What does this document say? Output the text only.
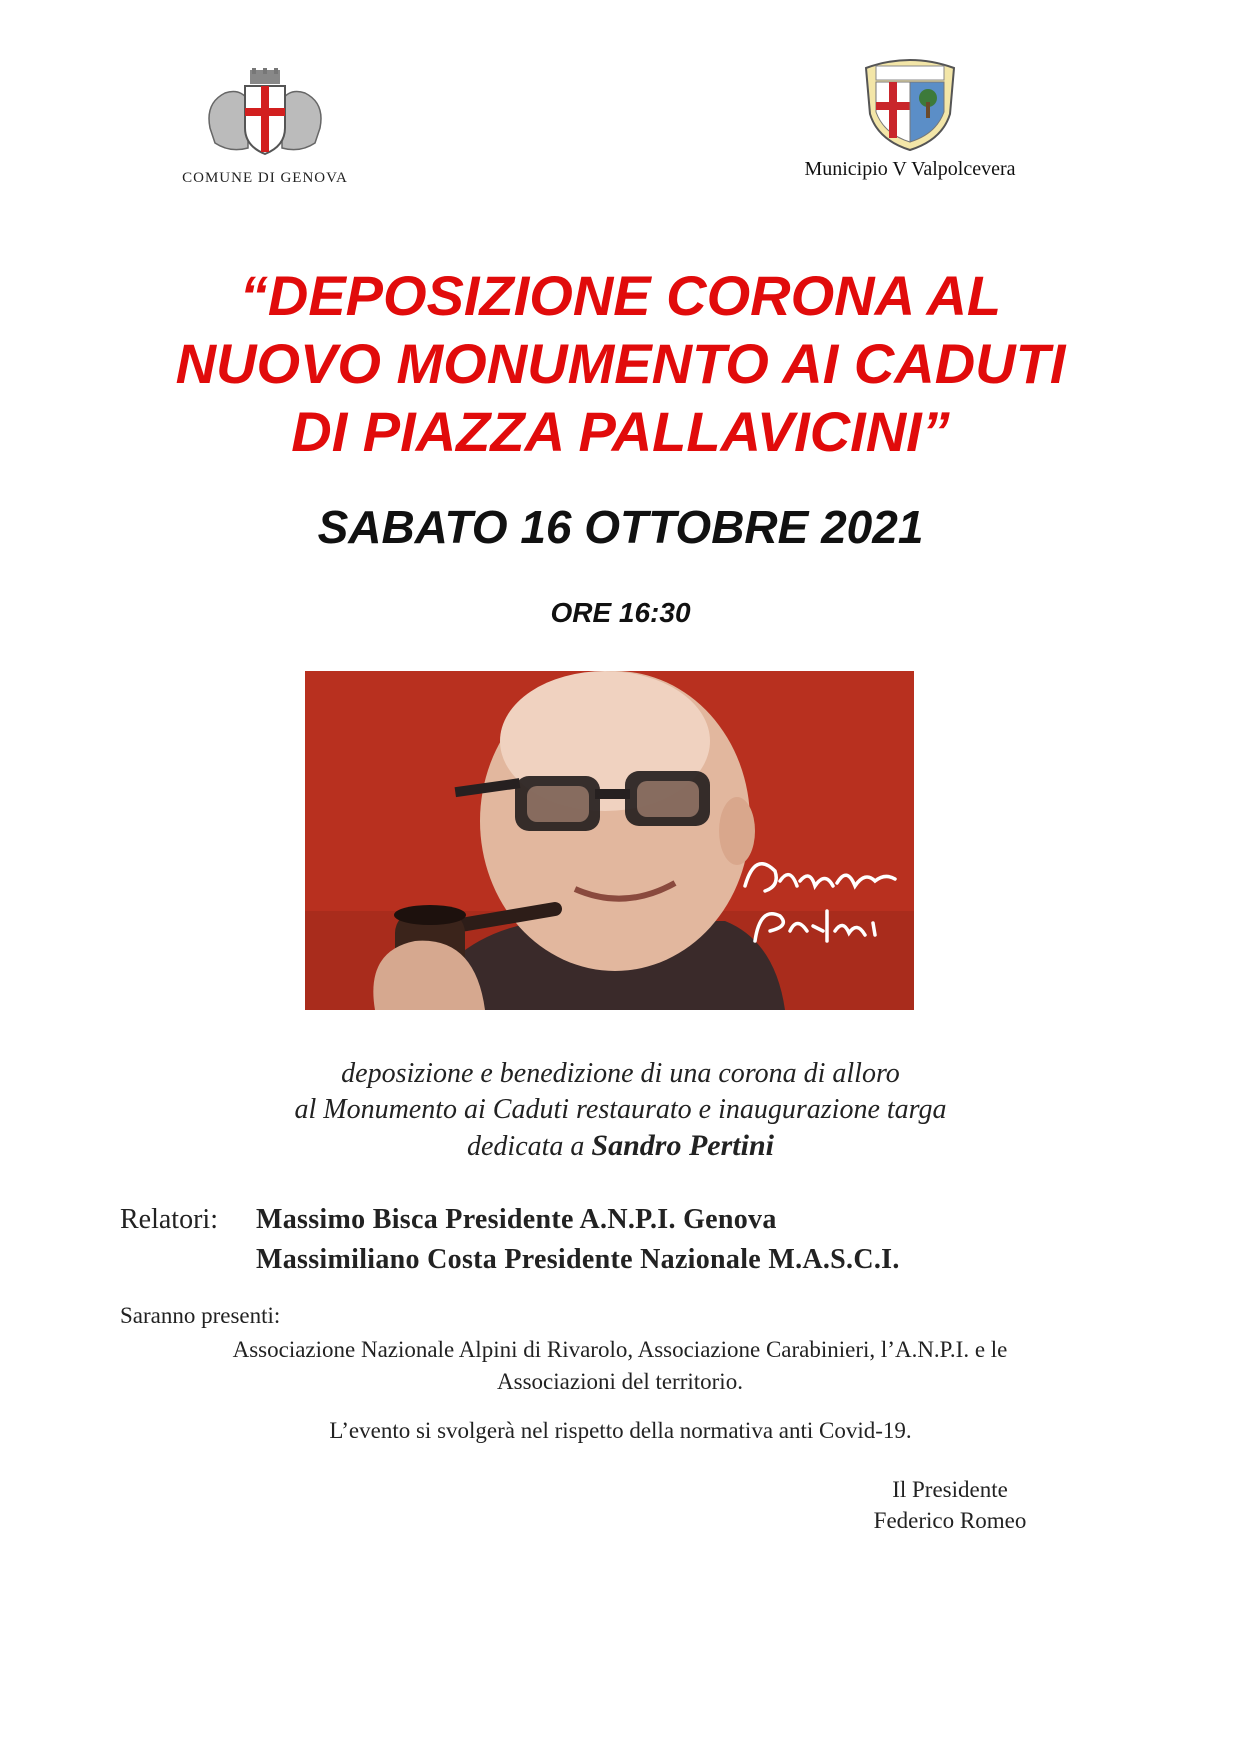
COMUNE DI GENOVA	Municipio V Valpolcevera
“DEPOSIZIONE CORONA AL
NUOVO MONUMENTO AI CADUTI
DI PIAZZA PALLAVICINI”
SABATO 16 OTTOBRE 2021
ORE 16:30
deposizione e benedizione di una corona di alloro
al Monumento ai Caduti restaurato e inaugurazione targa
dedicata a Sandro Pertini
Relatori: Massimo Bisca Presidente A.N.P.I. Genova
Massimiliano Costa Presidente Nazionale M.A.S.C.I.
Saranno presenti:
Associazione Nazionale Alpini di Rivarolo, Associazione Carabinieri, l’A.N.P.I. e le
Associazioni del territorio.
L’evento si svolgerà nel rispetto della normativa anti Covid-19.
Il Presidente
Federico Romeo
